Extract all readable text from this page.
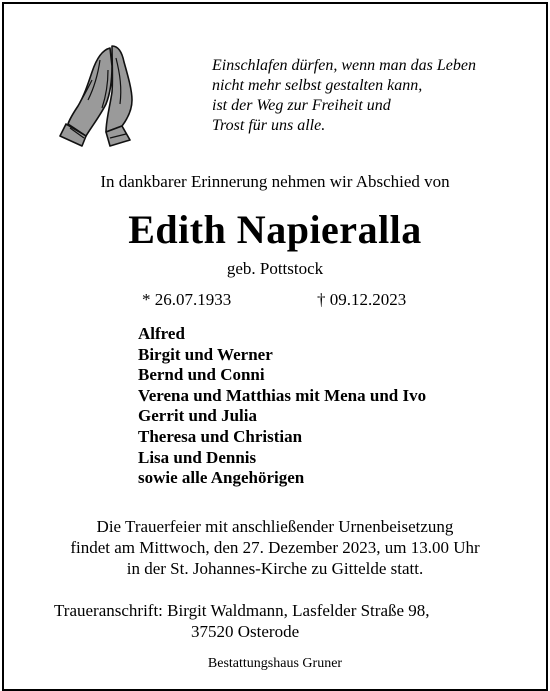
Einschlafen dürfen, wenn man das Leben
nicht mehr selbst gestalten kann,
ist der Weg zur Freiheit und
Trost für uns alle.
In dankbarer Erinnerung nehmen wir Abschied von
Edith Napieralla
geb. Pottstock
* 26.07.1933	† 09.12.2023
Alfred
Birgit und Werner
Bernd und Conni
Verena und Matthias mit Mena und Ivo
Gerrit und Julia
Theresa und Christian
Lisa und Dennis
sowie alle Angehörigen
Die Trauerfeier mit anschließender Urnenbeisetzung
findet am Mittwoch, den 27. Dezember 2023, um 13.00 Uhr
in der St. Johannes-Kirche zu Gittelde statt.
Traueranschrift: Birgit Waldmann, Lasfelder Straße 98,
37520 Osterode
Bestattungshaus Gruner
